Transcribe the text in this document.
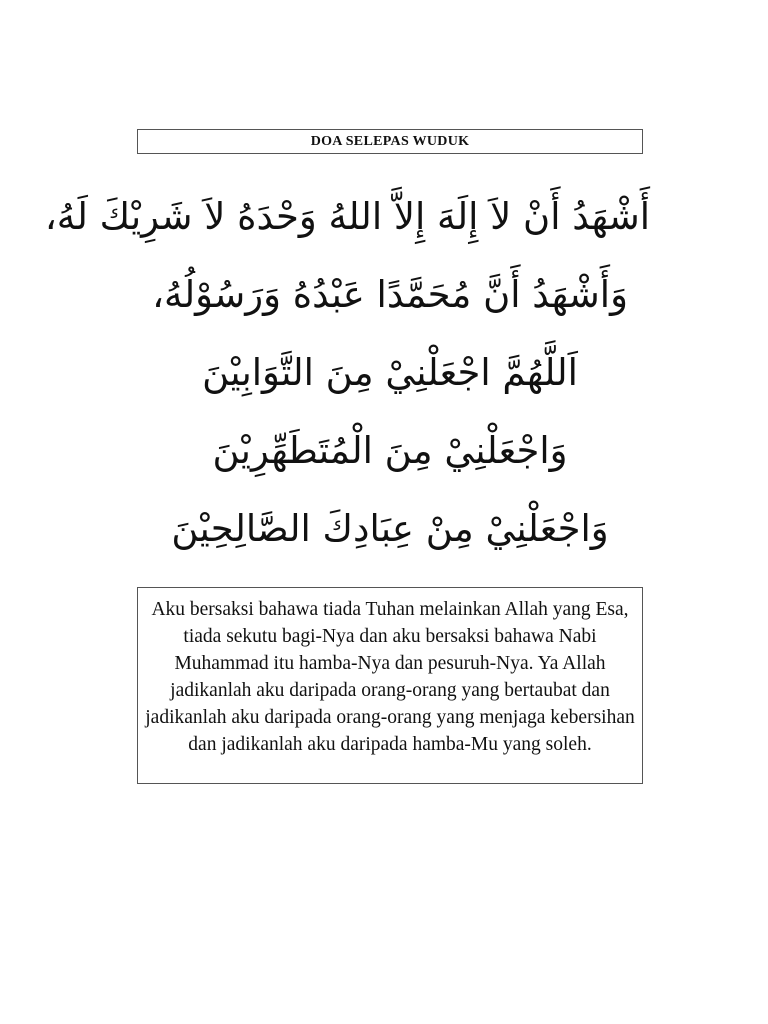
DOA SELEPAS WUDUK
أَشْهَدُ أَنْ لاَ إِلَهَ إِلاَّ اللهُ وَحْدَهُ لاَ شَرِيْكَ لَهُ،
وَأَشْهَدُ أَنَّ مُحَمَّدًا عَبْدُهُ وَرَسُوْلُهُ،
اَللَّهُمَّ اجْعَلْنِيْ مِنَ التَّوَابِيْنَ
وَاجْعَلْنِيْ مِنَ الْمُتَطَهِّرِيْنَ
وَاجْعَلْنِيْ مِنْ عِبَادِكَ الصَّالِحِيْنَ
Aku bersaksi bahawa tiada Tuhan melainkan Allah yang Esa, tiada sekutu bagi-Nya dan aku bersaksi bahawa Nabi Muhammad itu hamba-Nya dan pesuruh-Nya. Ya Allah jadikanlah aku daripada orang-orang yang bertaubat dan jadikanlah aku daripada orang-orang yang menjaga kebersihan dan jadikanlah aku daripada hamba-Mu yang soleh.
